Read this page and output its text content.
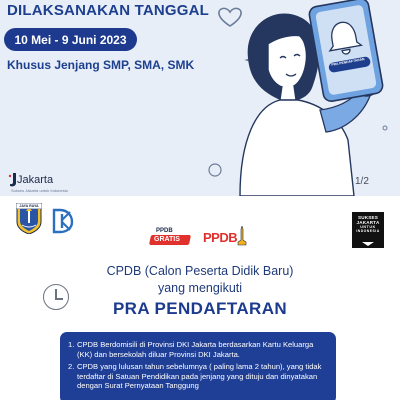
DILAKSANAKAN TANGGAL
10 Mei - 9 Juni 2023
Khusus Jenjang SMP, SMA, SMK	PRA PENDAFTARAN
Jakarta
Sukses Jakarta untuk Indonesia
1/2
JAYA RAYA
PPDB
GRATIS PPDB
SUKSES
JAKARTA
UNTUK
INDONESIA
CPDB (Calon Peserta Didik Baru)
yang mengikuti
PRA PENDAFTARAN
1. CPDB Berdomisili di Provinsi DKI Jakarta berdasarkan Kartu Keluarga (KK) dan bersekolah diluar Provinsi DKI Jakarta.
2. CPDB yang lulusan tahun sebelumnya ( paling lama 2 tahun), yang tidak terdaftar di Satuan Pendidikan pada jenjang yang dituju dan dinyatakan dengan Surat Pernyataan Tanggung
